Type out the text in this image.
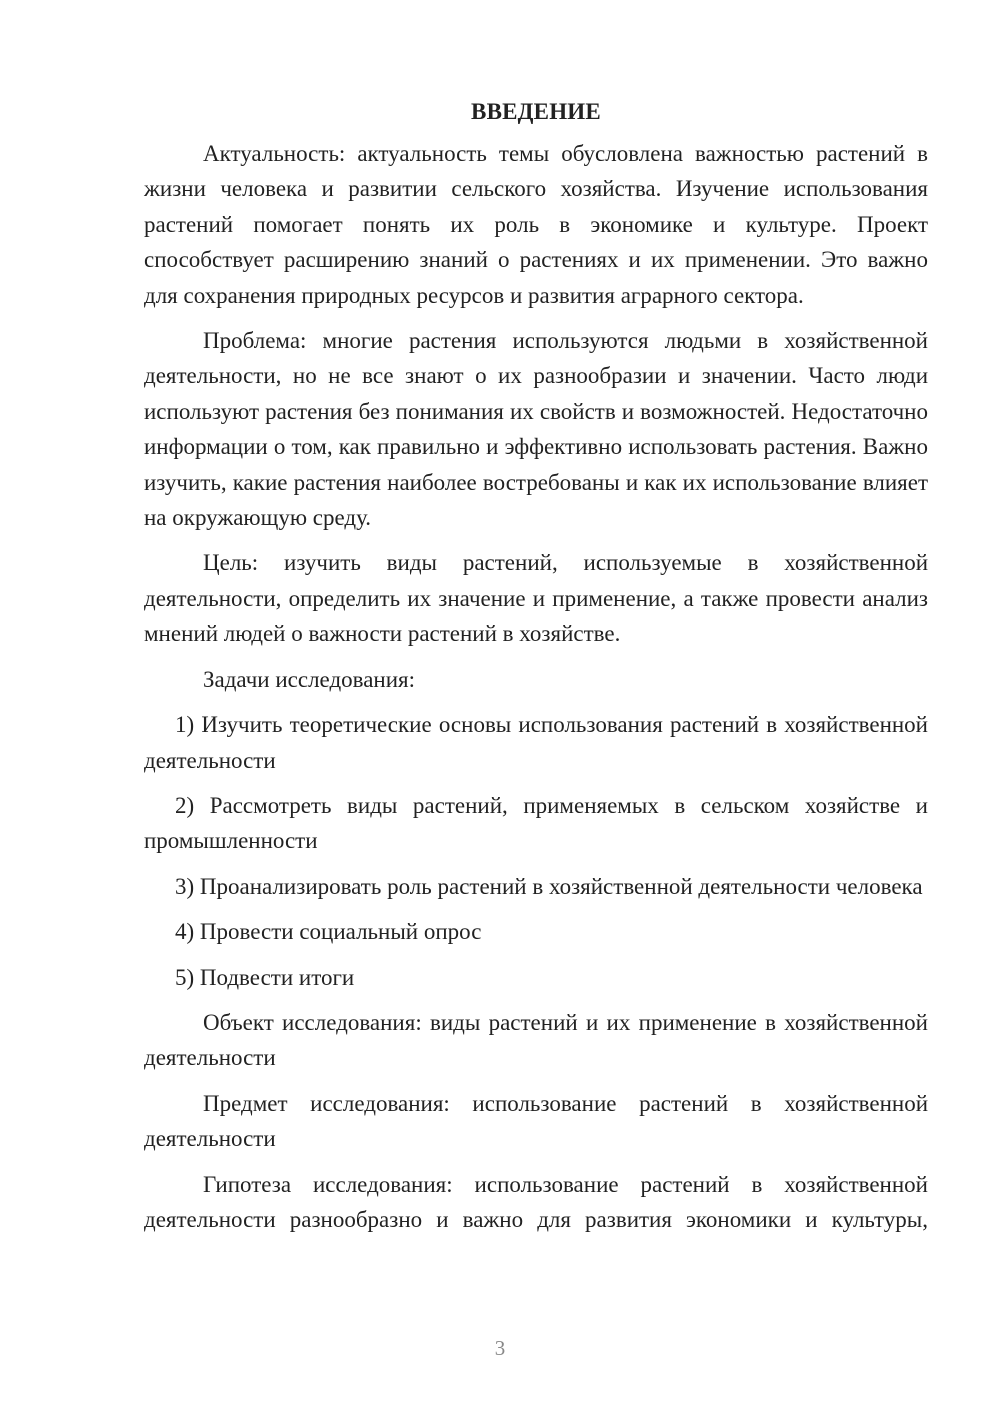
ВВЕДЕНИЕ

Актуальность: актуальность темы обусловлена важностью растений в жизни человека и развитии сельского хозяйства. Изучение использования растений помогает понять их роль в экономике и культуре. Проект способствует расширению знаний о растениях и их применении. Это важно для сохранения природных ресурсов и развития аграрного сектора.

Проблема: многие растения используются людьми в хозяйственной деятельности, но не все знают о их разнообразии и значении. Часто люди используют растения без понимания их свойств и возможностей. Недостаточно информации о том, как правильно и эффективно использовать растения. Важно изучить, какие растения наиболее востребованы и как их использование влияет на окружающую среду.

Цель: изучить виды растений, используемые в хозяйственной деятельности, определить их значение и применение, а также провести анализ мнений людей о важности растений в хозяйстве.

Задачи исследования:

1) Изучить теоретические основы использования растений в хозяйственной деятельности

2) Рассмотреть виды растений, применяемых в сельском хозяйстве и промышленности

3) Проанализировать роль растений в хозяйственной деятельности человека

4) Провести социальный опрос

5) Подвести итоги

Объект исследования: виды растений и их применение в хозяйственной деятельности

Предмет исследования: использование растений в хозяйственной деятельности

Гипотеза исследования: использование растений в хозяйственной деятельности разнообразно и важно для развития экономики и культуры,

3
